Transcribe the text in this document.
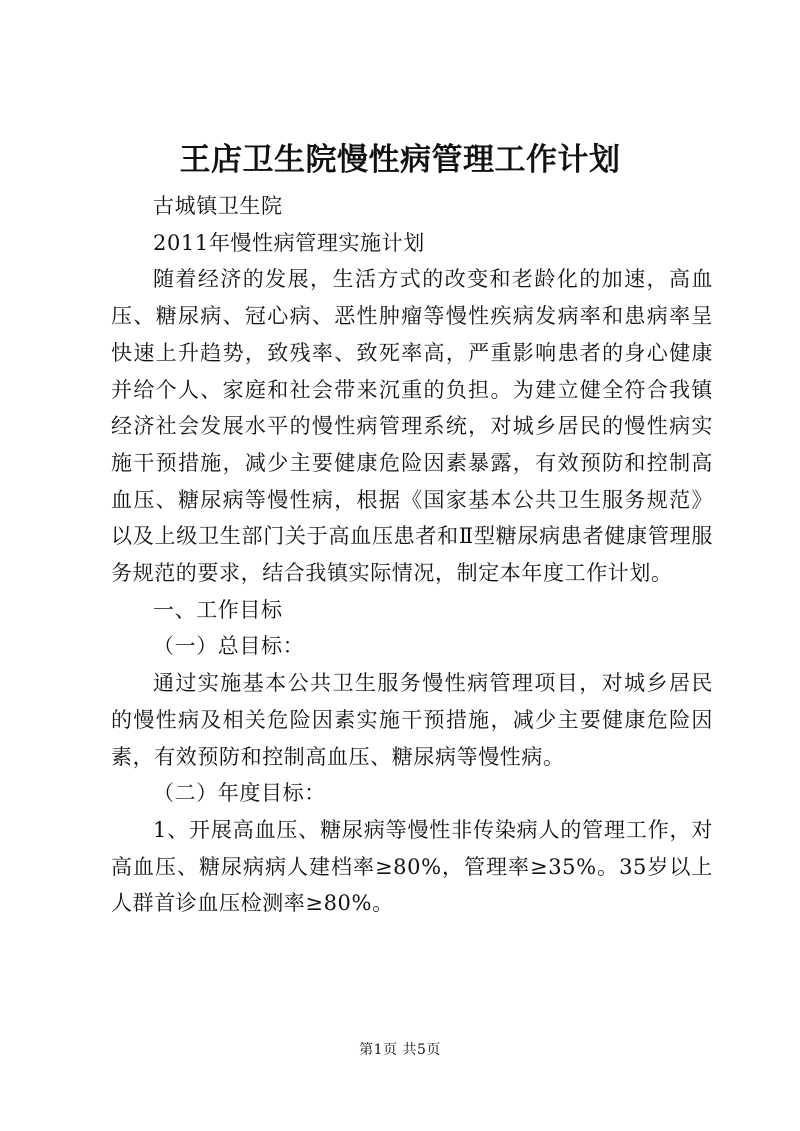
王店卫生院慢性病管理工作计划

古城镇卫生院

2011年慢性病管理实施计划

随着经济的发展，生活方式的改变和老龄化的加速，高血压、糖尿病、冠心病、恶性肿瘤等慢性疾病发病率和患病率呈快速上升趋势，致残率、致死率高，严重影响患者的身心健康并给个人、家庭和社会带来沉重的负担。为建立健全符合我镇经济社会发展水平的慢性病管理系统，对城乡居民的慢性病实施干预措施，减少主要健康危险因素暴露，有效预防和控制高血压、糖尿病等慢性病，根据《国家基本公共卫生服务规范》以及上级卫生部门关于高血压患者和Ⅱ型糖尿病患者健康管理服务规范的要求，结合我镇实际情况，制定本年度工作计划。

一、工作目标

（一）总目标：

通过实施基本公共卫生服务慢性病管理项目，对城乡居民的慢性病及相关危险因素实施干预措施，减少主要健康危险因素，有效预防和控制高血压、糖尿病等慢性病。

（二）年度目标：

1、开展高血压、糖尿病等慢性非传染病人的管理工作，对高血压、糖尿病病人建档率≥80%，管理率≥35%。35岁以上人群首诊血压检测率≥80%。

第1页 共5页
